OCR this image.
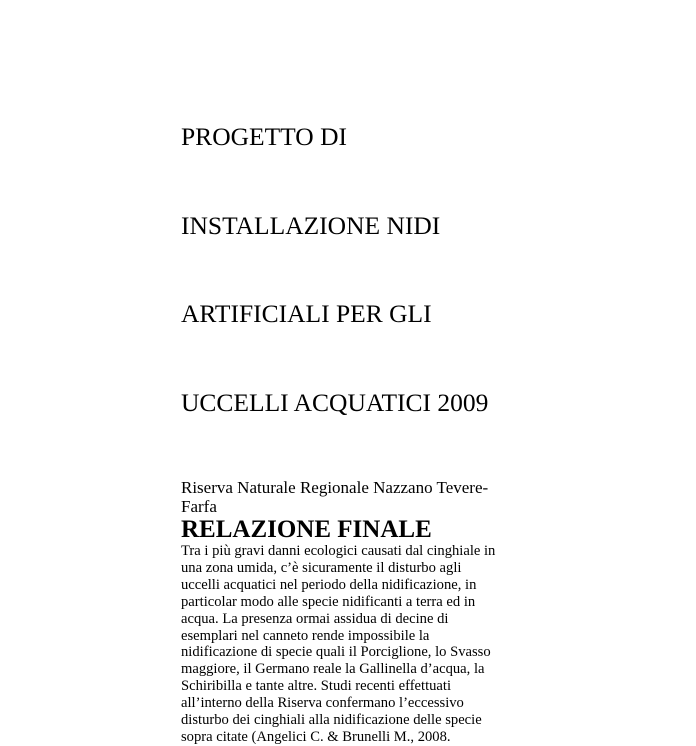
PROGETTO DI

INSTALLAZIONE NIDI

ARTIFICIALI PER GLI

UCCELLI ACQUATICI 2009

Riserva Naturale Regionale Nazzano Tevere-
Farfa

RELAZIONE FINALE

Tra i più gravi danni ecologici causati dal cinghiale in
una zona umida, c’è sicuramente il disturbo agli
uccelli acquatici nel periodo della nidificazione, in
particolar modo alle specie nidificanti a terra ed in
acqua. La presenza ormai assidua di decine di
esemplari nel canneto rende impossibile la
nidificazione di specie quali il Porciglione, lo Svasso
maggiore, il Germano reale la Gallinella d’acqua, la
Schiribilla e tante altre. Studi recenti effettuati
all’interno della Riserva confermano l’eccessivo
disturbo dei cinghiali alla nidificazione delle specie
sopra citate (Angelici C. & Brunelli M., 2008.
